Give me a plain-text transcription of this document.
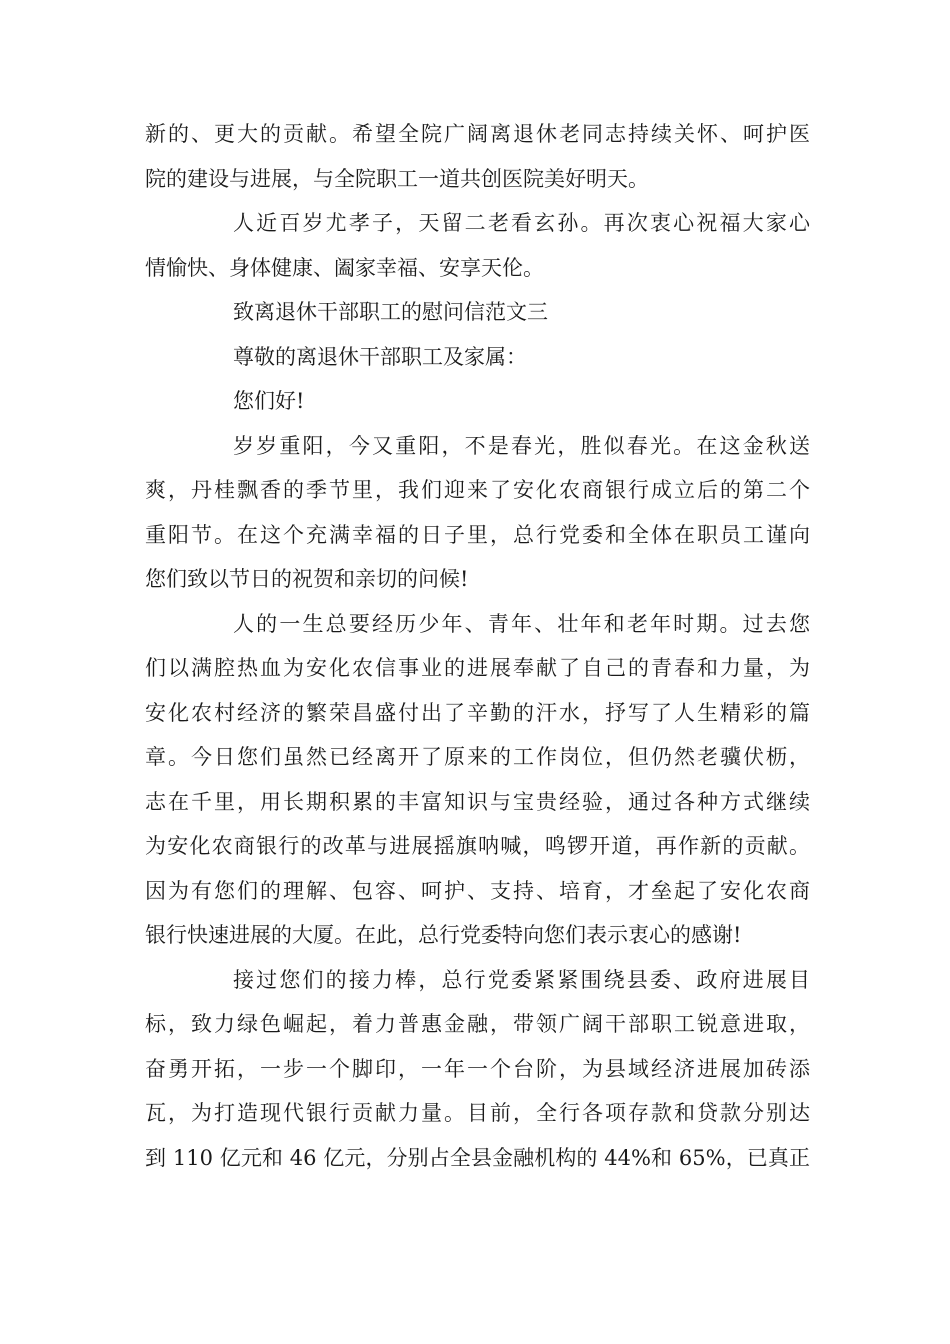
新的、更大的贡献。希望全院广阔离退休老同志持续关怀、呵护医
院的建设与进展，与全院职工一道共创医院美好明天。
人近百岁尤孝子，天留二老看玄孙。再次衷心祝福大家心
情愉快、身体健康、阖家幸福、安享天伦。
致离退休干部职工的慰问信范文三
尊敬的离退休干部职工及家属：
您们好!
岁岁重阳，今又重阳，不是春光，胜似春光。在这金秋送
爽，丹桂飘香的季节里，我们迎来了安化农商银行成立后的第二个
重阳节。在这个充满幸福的日子里，总行党委和全体在职员工谨向
您们致以节日的祝贺和亲切的问候!
人的一生总要经历少年、青年、壮年和老年时期。过去您
们以满腔热血为安化农信事业的进展奉献了自己的青春和力量，为
安化农村经济的繁荣昌盛付出了辛勤的汗水，抒写了人生精彩的篇
章。今日您们虽然已经离开了原来的工作岗位，但仍然老骥伏枥，
志在千里，用长期积累的丰富知识与宝贵经验，通过各种方式继续
为安化农商银行的改革与进展摇旗呐喊，鸣锣开道，再作新的贡献。
因为有您们的理解、包容、呵护、支持、培育，才垒起了安化农商
银行快速进展的大厦。在此，总行党委特向您们表示衷心的感谢!
接过您们的接力棒，总行党委紧紧围绕县委、政府进展目
标，致力绿色崛起，着力普惠金融，带领广阔干部职工锐意进取，
奋勇开拓，一步一个脚印，一年一个台阶，为县域经济进展加砖添
瓦，为打造现代银行贡献力量。目前，全行各项存款和贷款分别达
到 110 亿元和 46 亿元，分别占全县金融机构的 44%和 65%，已真正
